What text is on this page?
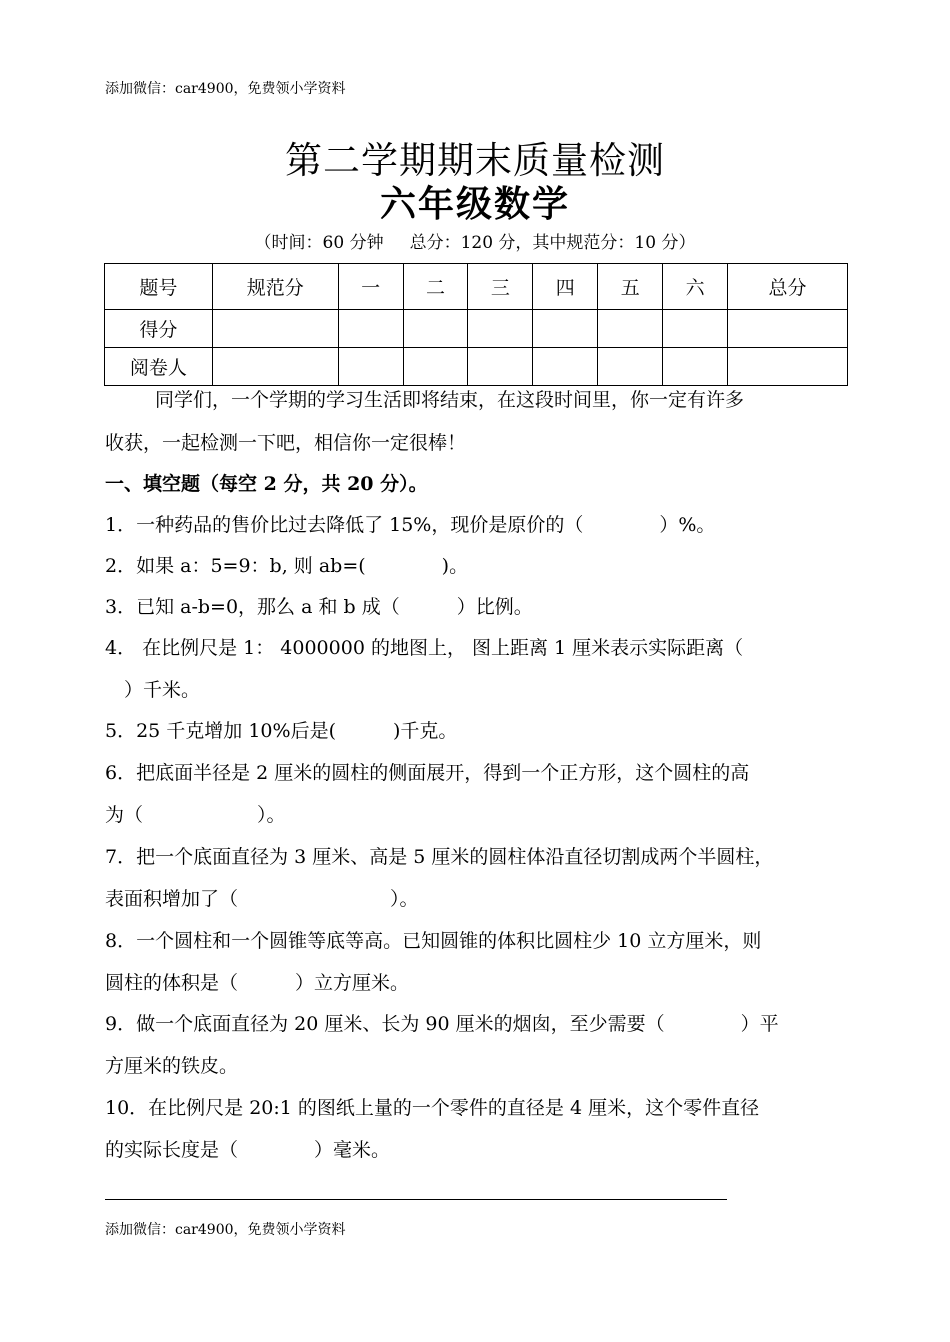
添加微信：car4900，免费领小学资料
第二学期期末质量检测
六年级数学
（时间：60 分钟 总分：120 分，其中规范分：10 分）
题号	规范分	一	二	三	四	五	六	总分
得分								
阅卷人								
同学们，一个学期的学习生活即将结束，在这段时间里，你一定有许多
收获，一起检测一下吧，相信你一定很棒！
一、填空题（每空 2 分，共 20 分）。
1．一种药品的售价比过去降低了 15%，现价是原价的（　　　　）%。
2．如果 a：5=9：b, 则 ab=(　　　　)。
3．已知 a-b=0，那么 a 和 b 成（　　　）比例。
4． 在比例尺是 1： 4000000 的地图上， 图上距离 1 厘米表示实际距离（
　）千米。
5．25 千克增加 10%后是(　　　)千克。
6．把底面半径是 2 厘米的圆柱的侧面展开，得到一个正方形，这个圆柱的高
为（　　　　　　）。
7．把一个底面直径为 3 厘米、高是 5 厘米的圆柱体沿直径切割成两个半圆柱，
表面积增加了（　　　　　　　　）。
8．一个圆柱和一个圆锥等底等高。已知圆锥的体积比圆柱少 10 立方厘米，则
圆柱的体积是（　　　）立方厘米。
9．做一个底面直径为 20 厘米、长为 90 厘米的烟囱，至少需要（　　　　）平
方厘米的铁皮。
10．在比例尺是 20:1 的图纸上量的一个零件的直径是 4 厘米，这个零件直径
的实际长度是（　　　　）毫米。
添加微信：car4900，免费领小学资料
